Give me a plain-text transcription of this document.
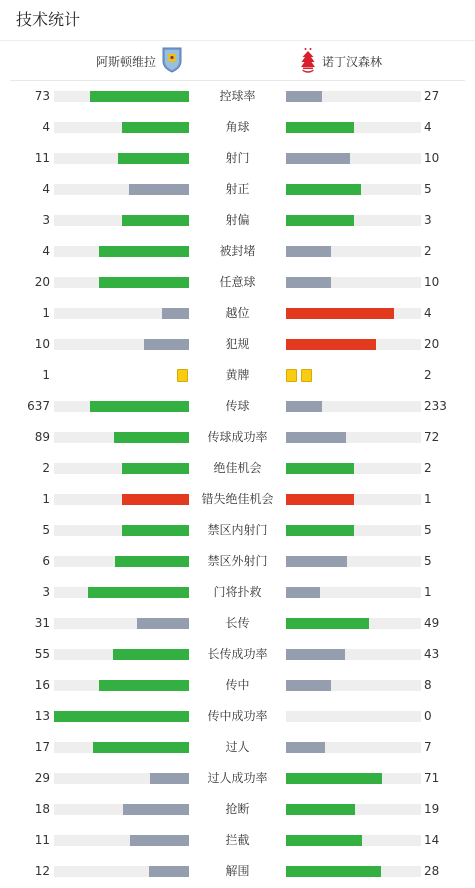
技术统计
阿斯顿维拉	诺丁汉森林
73	控球率	27
4	角球	4
11	射门	10
4	射正	5
3	射偏	3
4	被封堵	2
20	任意球	10
1	越位	4
10	犯规	20
1	黄牌	2
637	传球	233
89	传球成功率	72
2	绝佳机会	2
1	错失绝佳机会	1
5	禁区内射门	5
6	禁区外射门	5
3	门将扑救	1
31	长传	49
55	长传成功率	43
16	传中	8
13	传中成功率	0
17	过人	7
29	过人成功率	71
18	抢断	19
11	拦截	14
12	解围	28
